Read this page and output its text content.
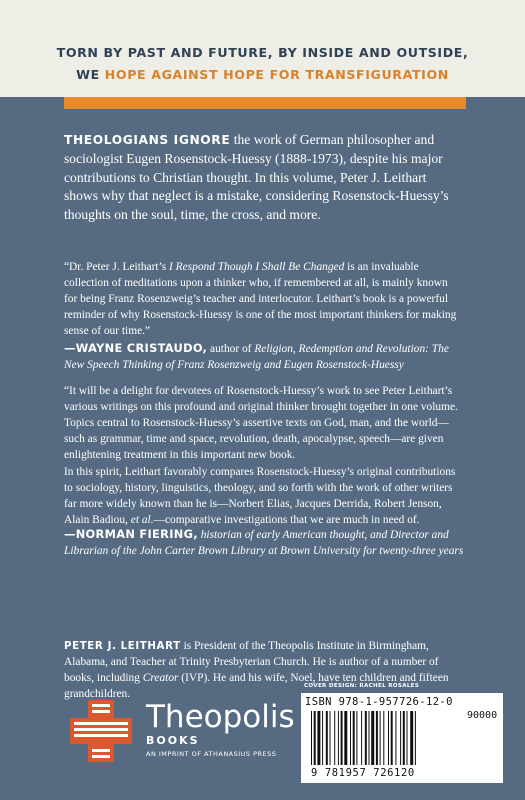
TORN BY PAST AND FUTURE, BY INSIDE AND OUTSIDE,
WE HOPE AGAINST HOPE FOR TRANSFIGURATION
THEOLOGIANS IGNORE the work of German philosopher and sociologist Eugen Rosenstock-Huessy (1888-1973), despite his major contributions to Christian thought. In this volume, Peter J. Leithart shows why that neglect is a mistake, considering Rosenstock-Huessy’s thoughts on the soul, time, the cross, and more.
“Dr. Peter J. Leithart’s I Respond Though I Shall Be Changed is an invaluable collection of meditations upon a thinker who, if remembered at all, is mainly known for being Franz Rosenzweig’s teacher and interlocutor. Leithart’s book is a powerful reminder of why Rosenstock-Huessy is one of the most important thinkers for making sense of our time.”
—WAYNE CRISTAUDO, author of Religion, Redemption and Revolution: The New Speech Thinking of Franz Rosenzweig and Eugen Rosenstock-Huessy
“It will be a delight for devotees of Rosenstock-Huessy’s work to see Peter Leithart’s various writings on this profound and original thinker brought together in one volume. Topics central to Rosenstock-Huessy’s assertive texts on God, man, and the world—such as grammar, time and space, revolution, death, apocalypse, speech—are given enlightening treatment in this important new book.
In this spirit, Leithart favorably compares Rosenstock-Huessy’s original contributions to sociology, history, linguistics, theology, and so forth with the work of other writers far more widely known than he is—Norbert Elias, Jacques Derrida, Robert Jenson, Alain Badiou, et al.—comparative investigations that we are much in need of.
—NORMAN FIERING, historian of early American thought, and Director and Librarian of the John Carter Brown Library at Brown University for twenty-three years
PETER J. LEITHART is President of the Theopolis Institute in Birmingham, Alabama, and Teacher at Trinity Presbyterian Church. He is author of a number of books, including Creator (IVP). He and his wife, Noel, have ten children and fifteen grandchildren.
Theopolis
BOOKS
AN IMPRINT OF ATHANASIUS PRESS
COVER DESIGN: RACHEL ROSALES
ISBN 978-1-957726-12-0
90000
9 781957 726120
